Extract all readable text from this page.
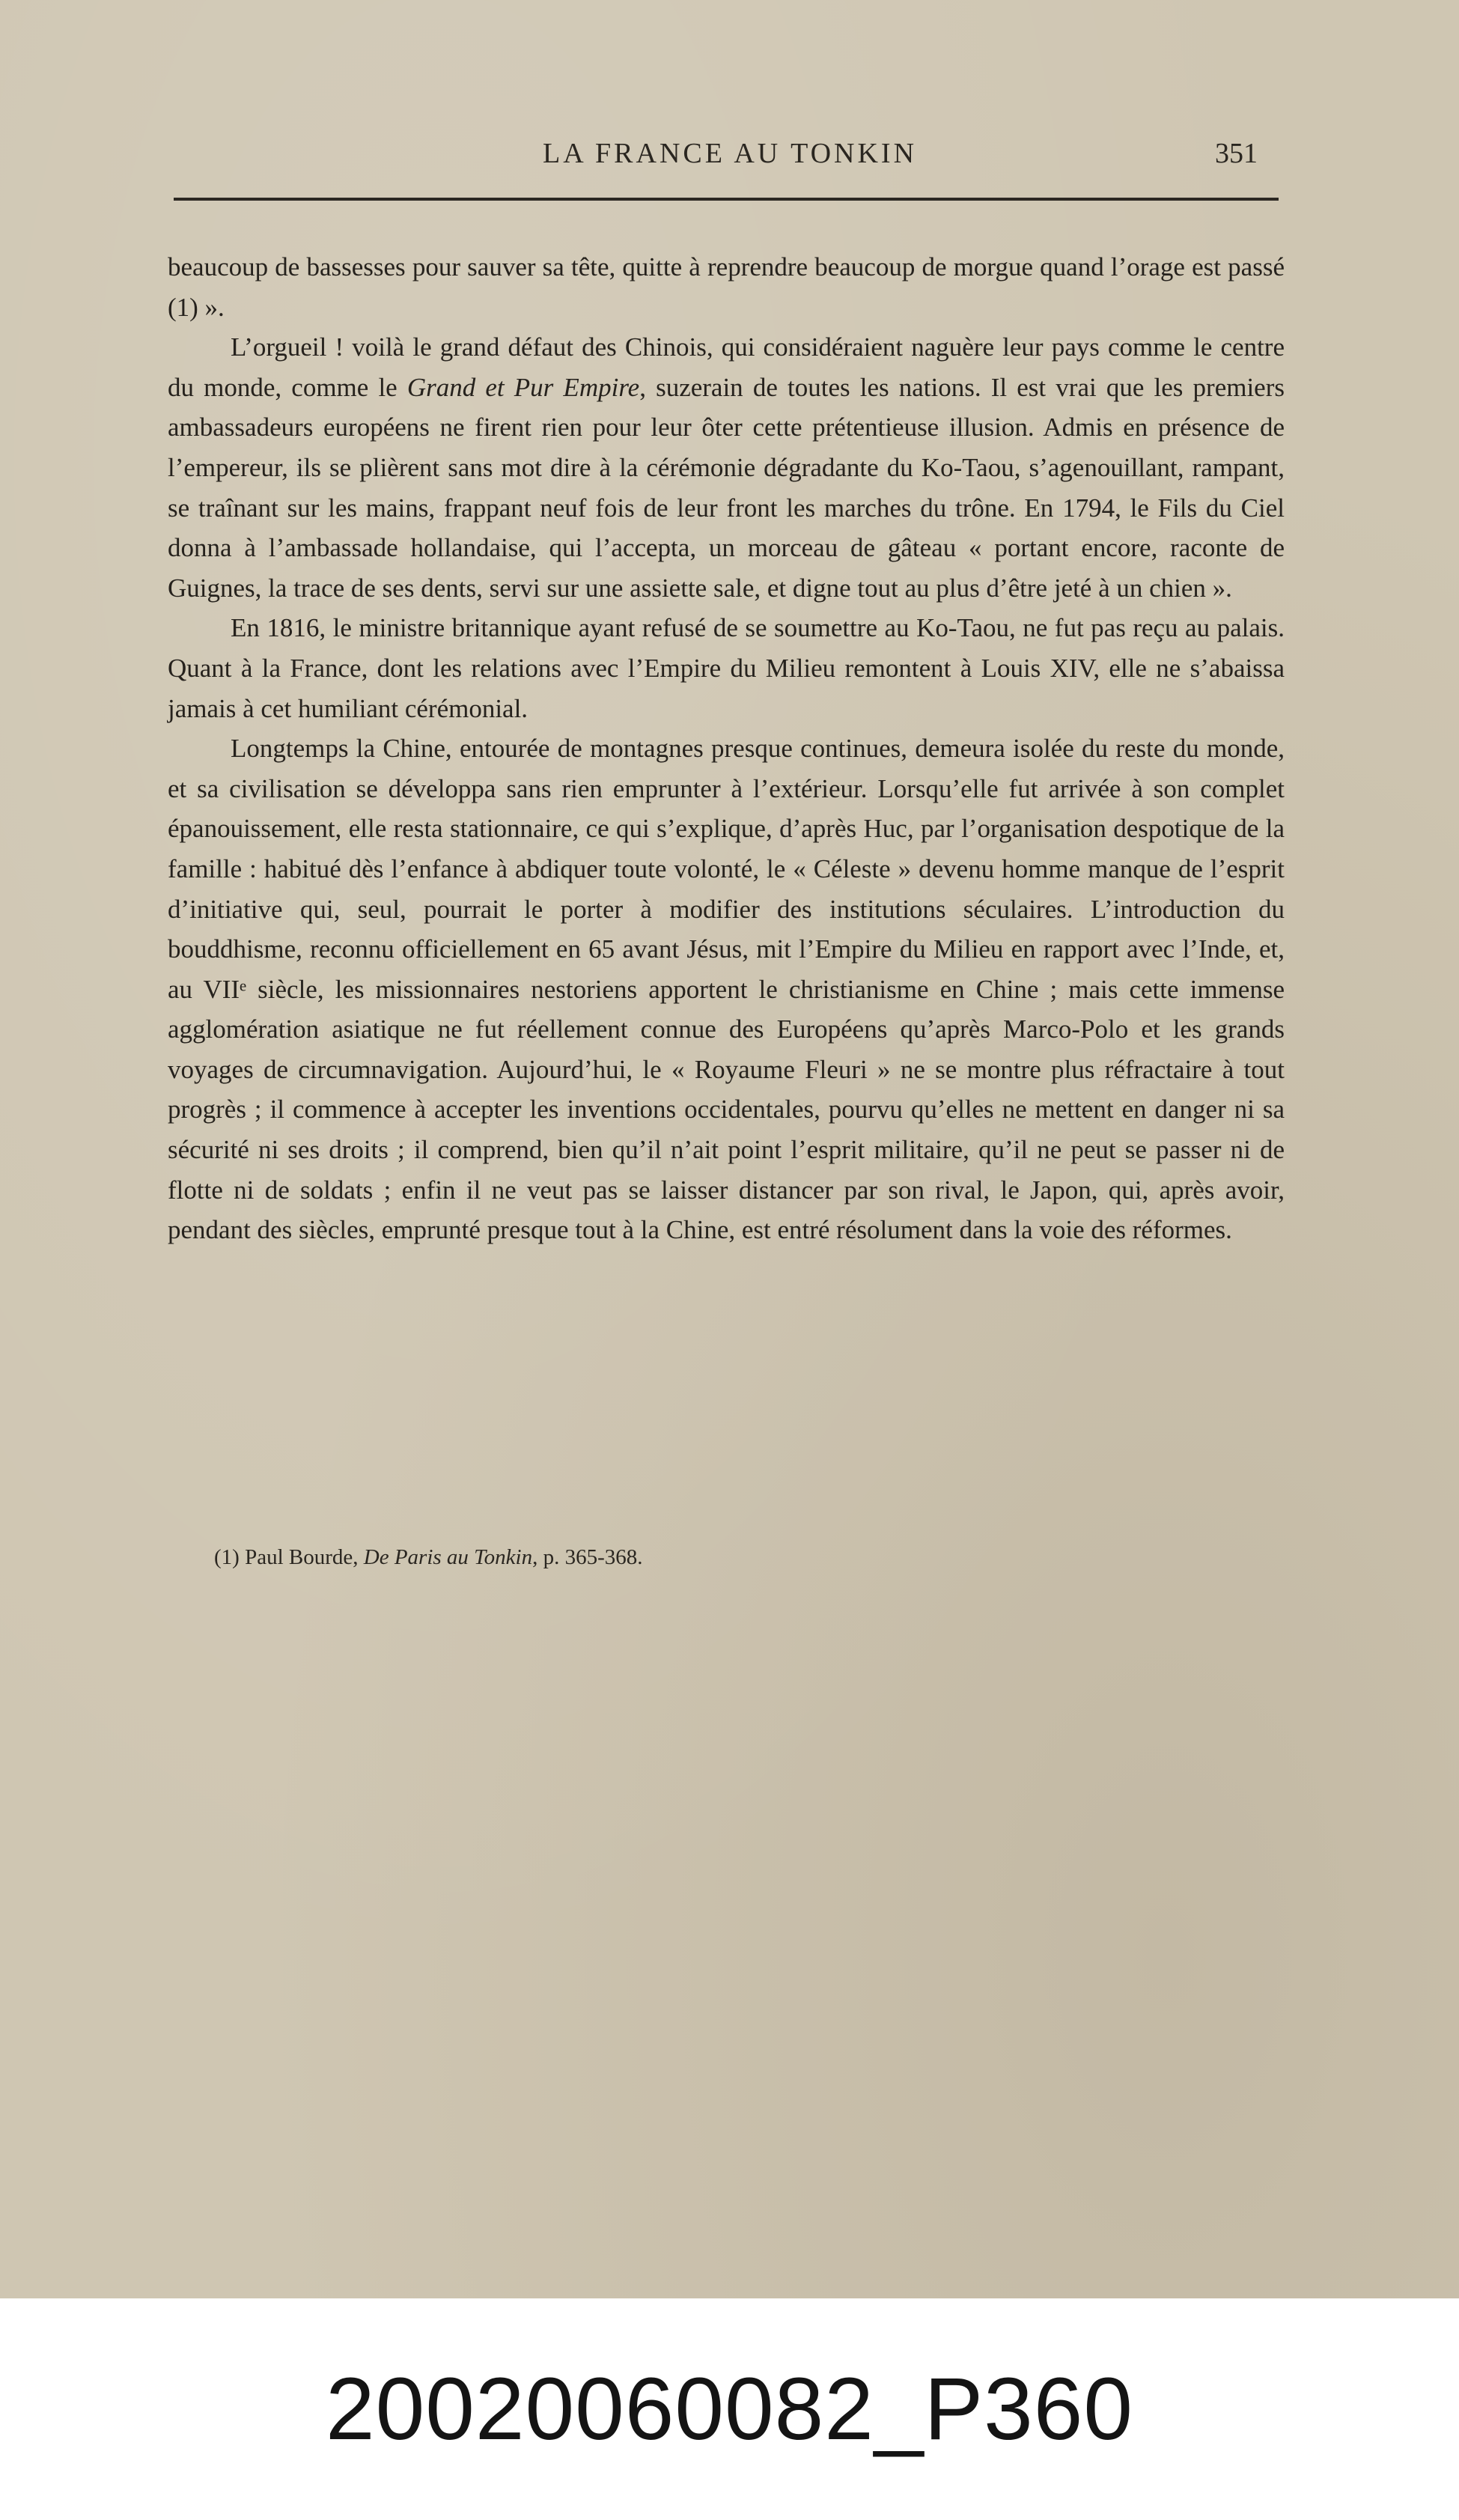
LA FRANCE AU TONKIN	351

beaucoup de bassesses pour sauver sa tête, quitte à reprendre beaucoup de morgue quand l’orage est passé (1) ».

L’orgueil ! voilà le grand défaut des Chinois, qui considéraient naguère leur pays comme le centre du monde, comme le Grand et Pur Empire, suzerain de toutes les nations. Il est vrai que les premiers ambassadeurs européens ne firent rien pour leur ôter cette prétentieuse illusion. Admis en présence de l’empereur, ils se plièrent sans mot dire à la cérémonie dégradante du Ko-Taou, s’agenouillant, rampant, se traînant sur les mains, frappant neuf fois de leur front les marches du trône. En 1794, le Fils du Ciel donna à l’ambassade hollandaise, qui l’accepta, un morceau de gâteau « portant encore, raconte de Guignes, la trace de ses dents, servi sur une assiette sale, et digne tout au plus d’être jeté à un chien ».

En 1816, le ministre britannique ayant refusé de se soumettre au Ko-Taou, ne fut pas reçu au palais. Quant à la France, dont les relations avec l’Empire du Milieu remontent à Louis XIV, elle ne s’abaissa jamais à cet humiliant cérémonial.

Longtemps la Chine, entourée de montagnes presque continues, demeura isolée du reste du monde, et sa civilisation se développa sans rien emprunter à l’extérieur. Lorsqu’elle fut arrivée à son complet épanouissement, elle resta stationnaire, ce qui s’explique, d’après Huc, par l’organisation despotique de la famille : habitué dès l’enfance à abdiquer toute volonté, le « Céleste » devenu homme manque de l’esprit d’initiative qui, seul, pourrait le porter à modifier des institutions séculaires. L’introduction du bouddhisme, reconnu officiellement en 65 avant Jésus, mit l’Empire du Milieu en rapport avec l’Inde, et, au VIIᵉ siècle, les missionnaires nestoriens apportent le christianisme en Chine ; mais cette immense agglomération asiatique ne fut réellement connue des Européens qu’après Marco-Polo et les grands voyages de circumnavigation. Aujourd’hui, le « Royaume Fleuri » ne se montre plus réfractaire à tout progrès ; il commence à accepter les inventions occidentales, pourvu qu’elles ne mettent en danger ni sa sécurité ni ses droits ; il comprend, bien qu’il n’ait point l’esprit militaire, qu’il ne peut se passer ni de flotte ni de soldats ; enfin il ne veut pas se laisser distancer par son rival, le Japon, qui, après avoir, pendant des siècles, emprunté presque tout à la Chine, est entré résolument dans la voie des réformes.

(1) Paul Bourde, De Paris au Tonkin, p. 365-368.
20020060082_P360
